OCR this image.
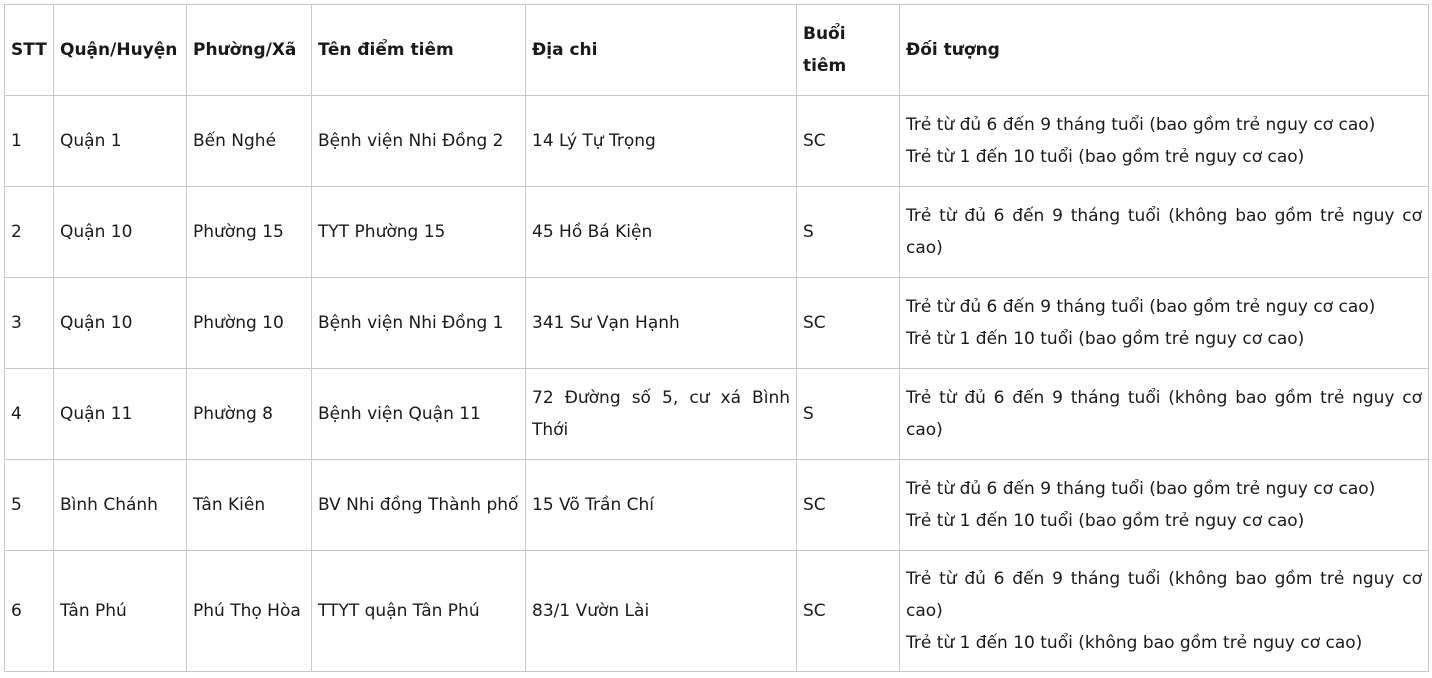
STT	Quận/Huyện	Phường/Xã	Tên điểm tiêm	Địa chi	Buổi tiêm	Đối tượng
1	Quận 1	Bến Nghé	Bệnh viện Nhi Đồng 2	14 Lý Tự Trọng	SC	Trẻ từ đủ 6 đến 9 tháng tuổi (bao gồm trẻ nguy cơ cao)
Trẻ từ 1 đến 10 tuổi (bao gồm trẻ nguy cơ cao)

2	Quận 10	Phường 15	TYT Phường 15	45 Hồ Bá Kiện	S	Trẻ từ đủ 6 đến 9 tháng tuổi (không bao gồm trẻ nguy cơ cao)
3	Quận 10	Phường 10	Bệnh viện Nhi Đồng 1	341 Sư Vạn Hạnh	SC	Trẻ từ đủ 6 đến 9 tháng tuổi (bao gồm trẻ nguy cơ cao)
Trẻ từ 1 đến 10 tuổi (bao gồm trẻ nguy cơ cao)

4	Quận 11	Phường 8	Bệnh viện Quận 11	72 Đường số 5, cư xá Bình Thới	S	Trẻ từ đủ 6 đến 9 tháng tuổi (không bao gồm trẻ nguy cơ cao)
5	Bình Chánh	Tân Kiên	BV Nhi đồng Thành phố	15 Võ Trần Chí	SC	Trẻ từ đủ 6 đến 9 tháng tuổi (bao gồm trẻ nguy cơ cao)
Trẻ từ 1 đến 10 tuổi (bao gồm trẻ nguy cơ cao)

6	Tân Phú	Phú Thọ Hòa	TTYT quận Tân Phú	83/1 Vườn Lài	SC	Trẻ từ đủ 6 đến 9 tháng tuổi (không bao gồm trẻ nguy cơ cao)
Trẻ từ 1 đến 10 tuổi (không bao gồm trẻ nguy cơ cao)
